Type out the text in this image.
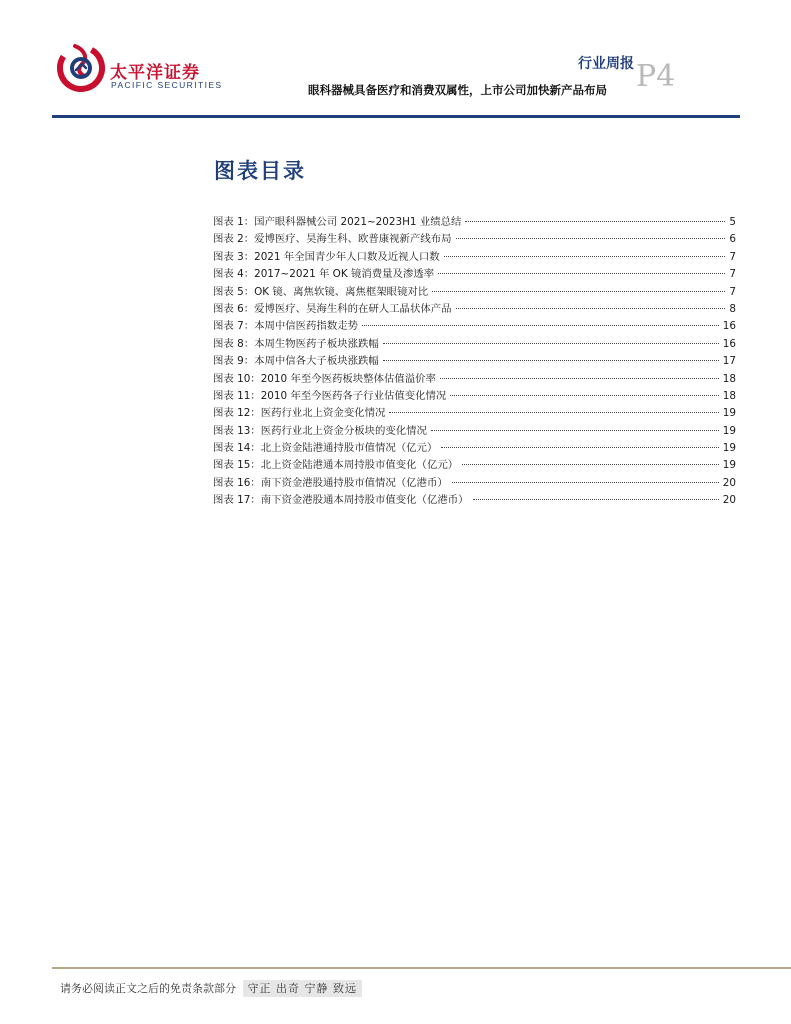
太平洋证券
PACIFIC SECURITIES
行业周报
眼科器械具备医疗和消费双属性，上市公司加快新产品布局 P4
图表目录
图表 1：国产眼科器械公司 2021~2023H1 业绩总结	5
图表 2：爱博医疗、昊海生科、欧普康视新产线布局	6
图表 3：2021 年全国青少年人口数及近视人口数	7
图表 4：2017~2021 年 OK 镜消费量及渗透率	7
图表 5：OK 镜、离焦软镜、离焦框架眼镜对比	7
图表 6：爱博医疗、昊海生科的在研人工晶状体产品	8
图表 7：本周中信医药指数走势	16
图表 8：本周生物医药子板块涨跌幅	16
图表 9：本周中信各大子板块涨跌幅	17
图表 10：2010 年至今医药板块整体估值溢价率	18
图表 11：2010 年至今医药各子行业估值变化情况	18
图表 12：医药行业北上资金变化情况	19
图表 13：医药行业北上资金分板块的变化情况	19
图表 14：北上资金陆港通持股市值情况（亿元）	19
图表 15：北上资金陆港通本周持股市值变化（亿元）	19
图表 16：南下资金港股通持股市值情况（亿港币）	20
图表 17：南下资金港股通本周持股市值变化（亿港币）	20
请务必阅读正文之后的免责条款部分 守正 出奇 宁静 致远
